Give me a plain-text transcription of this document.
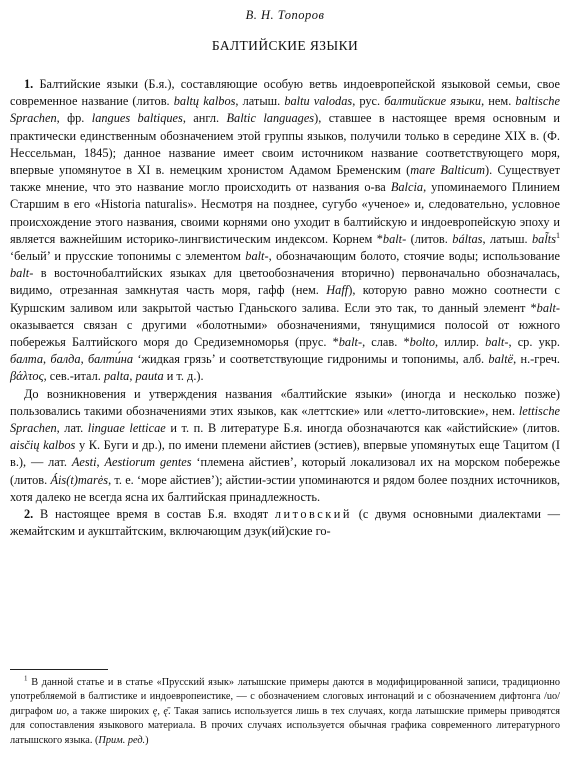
В. Н. Топоров
БАЛТИЙСКИЕ ЯЗЫКИ

1. Балтийские языки (Б.я.), составляющие особую ветвь индоевропейской языковой семьи, свое современное название (литов. baltų kalbos, латыш. baltu valodas, рус. балтийские языки, нем. baltische Sprachen, фр. langues baltiques, англ. Baltic languages), ставшее в настоящее время основным и практически единственным обозначением этой группы языков, получили только в середине XIX в. (Ф. Нессельман, 1845); данное название имеет своим источником название соответствующего моря, впервые упомянутое в XI в. немецким хронистом Адамом Бременским (mare Balticum). Существует также мнение, что это название могло происходить от названия о-ва Balcia, упоминаемого Плинием Старшим в его «Historia naturalis». Несмотря на позднее, сугубо «ученое» и, следовательно, условное происхождение этого названия, своими корнями оно уходит в балтийскую и индоевропейскую эпоху и является важнейшим историко-лингвистическим индексом. Корнем *balt- (литов. báltas, латыш. $bal̃ts^1$ ‘белый’ и прусские топонимы с элементом balt-, обозначающим болото, стоячие воды; использование balt- в восточнобалтийских языках для цветообозначения вторично) первоначально обозначалась, видимо, отрезанная замкнутая часть моря, гафф (нем. Haff), которую равно можно соотнести с Куршским заливом или закрытой частью Гданьского залива. Если это так, то данный элемент *balt- оказывается связан с другими «болотными» обозначениями, тянущимися полосой от южного побережья Балтийского моря до Средиземноморья (прус. *balt-, слав. *bolto, иллир. balt-, ср. укр. балта, балда, балти́на ‘жидкая грязь’ и соответствующие гидронимы и топонимы, алб. baltë, н.-греч. βάλτος, сев.-итал. palta, pauta и т. д.).

До возникновения и утверждения названия «балтийские языки» (иногда и несколько позже) пользовались такими обозначениями этих языков, как «леттские» или «летто-литовские», нем. lettische Sprachen, лат. linguae letticae и т. п. В литературе Б.я. иногда обозначаются как «айстийские» (литов. aisčių kalbos у К. Буги и др.), по имени племени айстиев (эстиев), впервые упомянутых еще Тацитом (I в.), — лат. Aesti, Aestiorum gentes ‘племена айстиев’, который локализовал их на морском побережье (литов. Áis(t)marės, т. е. ‘море айстиев’); айстии-эстии упоминаются и рядом более поздних источников, хотя далеко не всегда ясна их балтийская принадлежность.

2. В настоящее время в состав Б.я. входят литовский (с двумя основными диалектами — жемайтским и аукштайтским, включающим дзук(ий)ские го-

$^1$ В данной статье и в статье «Прусский язык» латышские примеры даются в модифицированной записи, традиционно употребляемой в балтистике и индоевропеистике, — с обозначением слоговых интонаций и с обозначением дифтонга /uo/ диграфом uo, а также широких ę, ę̄. Такая запись используется лишь в тех случаях, когда латышские примеры приводятся для сопоставления языкового материала. В прочих случаях используется обычная графика современного литературного латышского языка. (Прим. ред.)
